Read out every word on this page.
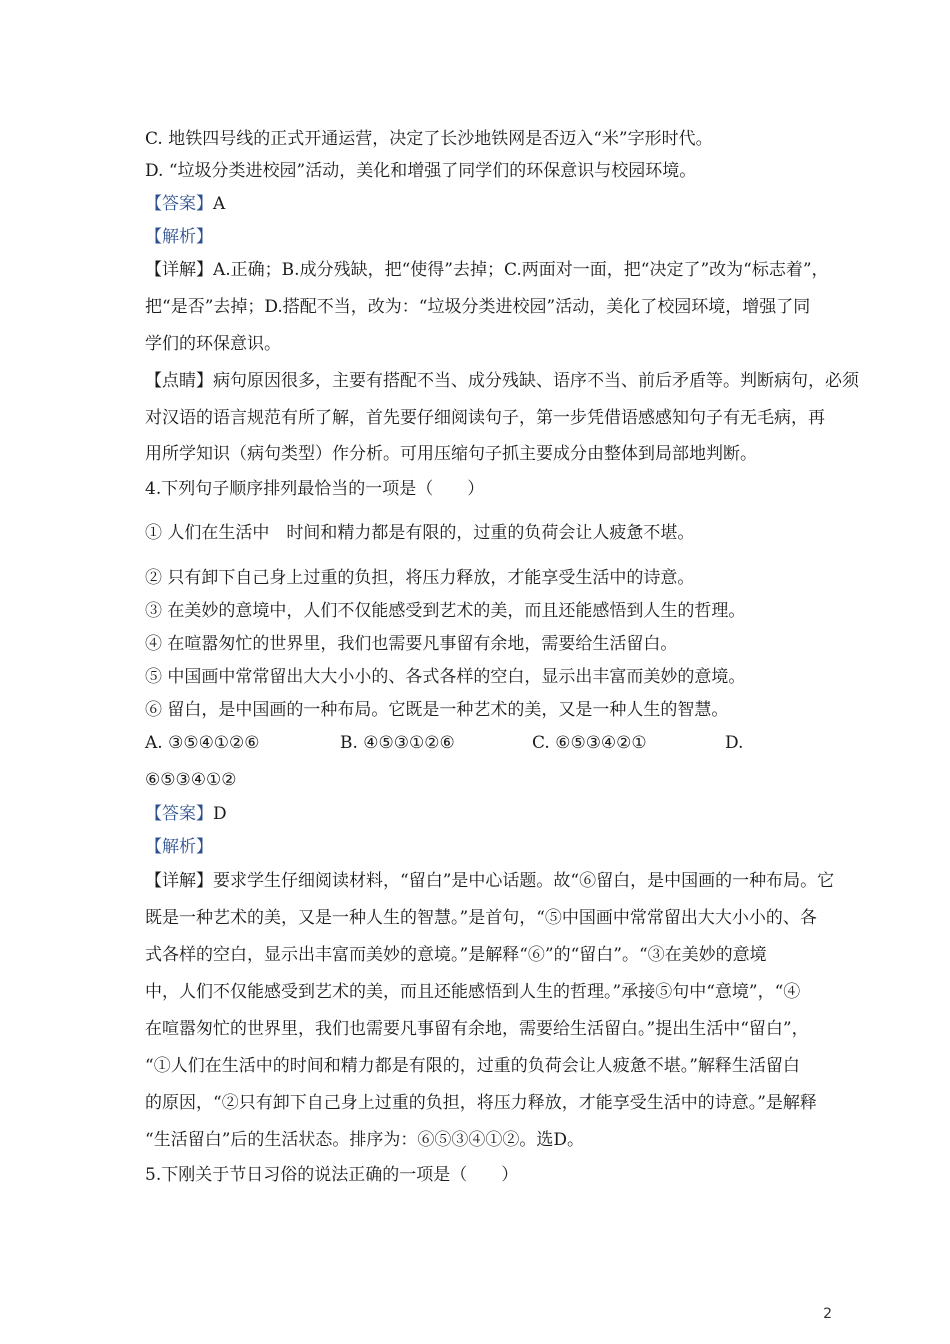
C. 地铁四号线的正式开通运营，决定了长沙地铁网是否迈入“米”字形时代。
D. “垃圾分类进校园”活动，美化和增强了同学们的环保意识与校园环境。
【答案】A
【解析】
【详解】A.正确；B.成分残缺，把“使得”去掉；C.两面对一面，把“决定了”改为“标志着”，
把“是否”去掉；D.搭配不当，改为：“垃圾分类进校园”活动，美化了校园环境，增强了同
学们的环保意识。
【点睛】病句原因很多，主要有搭配不当、成分残缺、语序不当、前后矛盾等。判断病句，必须
对汉语的语言规范有所了解，首先要仔细阅读句子，第一步凭借语感感知句子有无毛病，再
用所学知识（病句类型）作分析。可用压缩句子抓主要成分由整体到局部地判断。
4.下列句子顺序排列最恰当的一项是（　　）
① 人们在生活中　时间和精力都是有限的，过重的负荷会让人疲惫不堪。
② 只有卸下自己身上过重的负担，将压力释放，才能享受生活中的诗意。
③ 在美妙的意境中，人们不仅能感受到艺术的美，而且还能感悟到人生的哲理。
④ 在喧嚣匆忙的世界里，我们也需要凡事留有余地，需要给生活留白。
⑤ 中国画中常常留出大大小小的、各式各样的空白，显示出丰富而美妙的意境。
⑥ 留白，是中国画的一种布局。它既是一种艺术的美，又是一种人生的智慧。
A. ③⑤④①②⑥	B. ④⑤③①②⑥	C. ⑥⑤③④②①	D.
⑥⑤③④①②
【答案】D
【解析】
【详解】要求学生仔细阅读材料，“留白”是中心话题。故“⑥留白，是中国画的一种布局。它
既是一种艺术的美，又是一种人生的智慧。”是首句，“⑤中国画中常常留出大大小小的、各
式各样的空白，显示出丰富而美妙的意境。”是解释“⑥”的“留白”。“③在美妙的意境
中，人们不仅能感受到艺术的美，而且还能感悟到人生的哲理。”承接⑤句中“意境”，“④
在喧嚣匆忙的世界里，我们也需要凡事留有余地，需要给生活留白。”提出生活中“留白”，
“①人们在生活中的时间和精力都是有限的，过重的负荷会让人疲惫不堪。”解释生活留白
的原因，“②只有卸下自己身上过重的负担，将压力释放，才能享受生活中的诗意。”是解释
“生活留白”后的生活状态。排序为：⑥⑤③④①②。选D。
5.下刚关于节日习俗的说法正确的一项是（　　）
2
